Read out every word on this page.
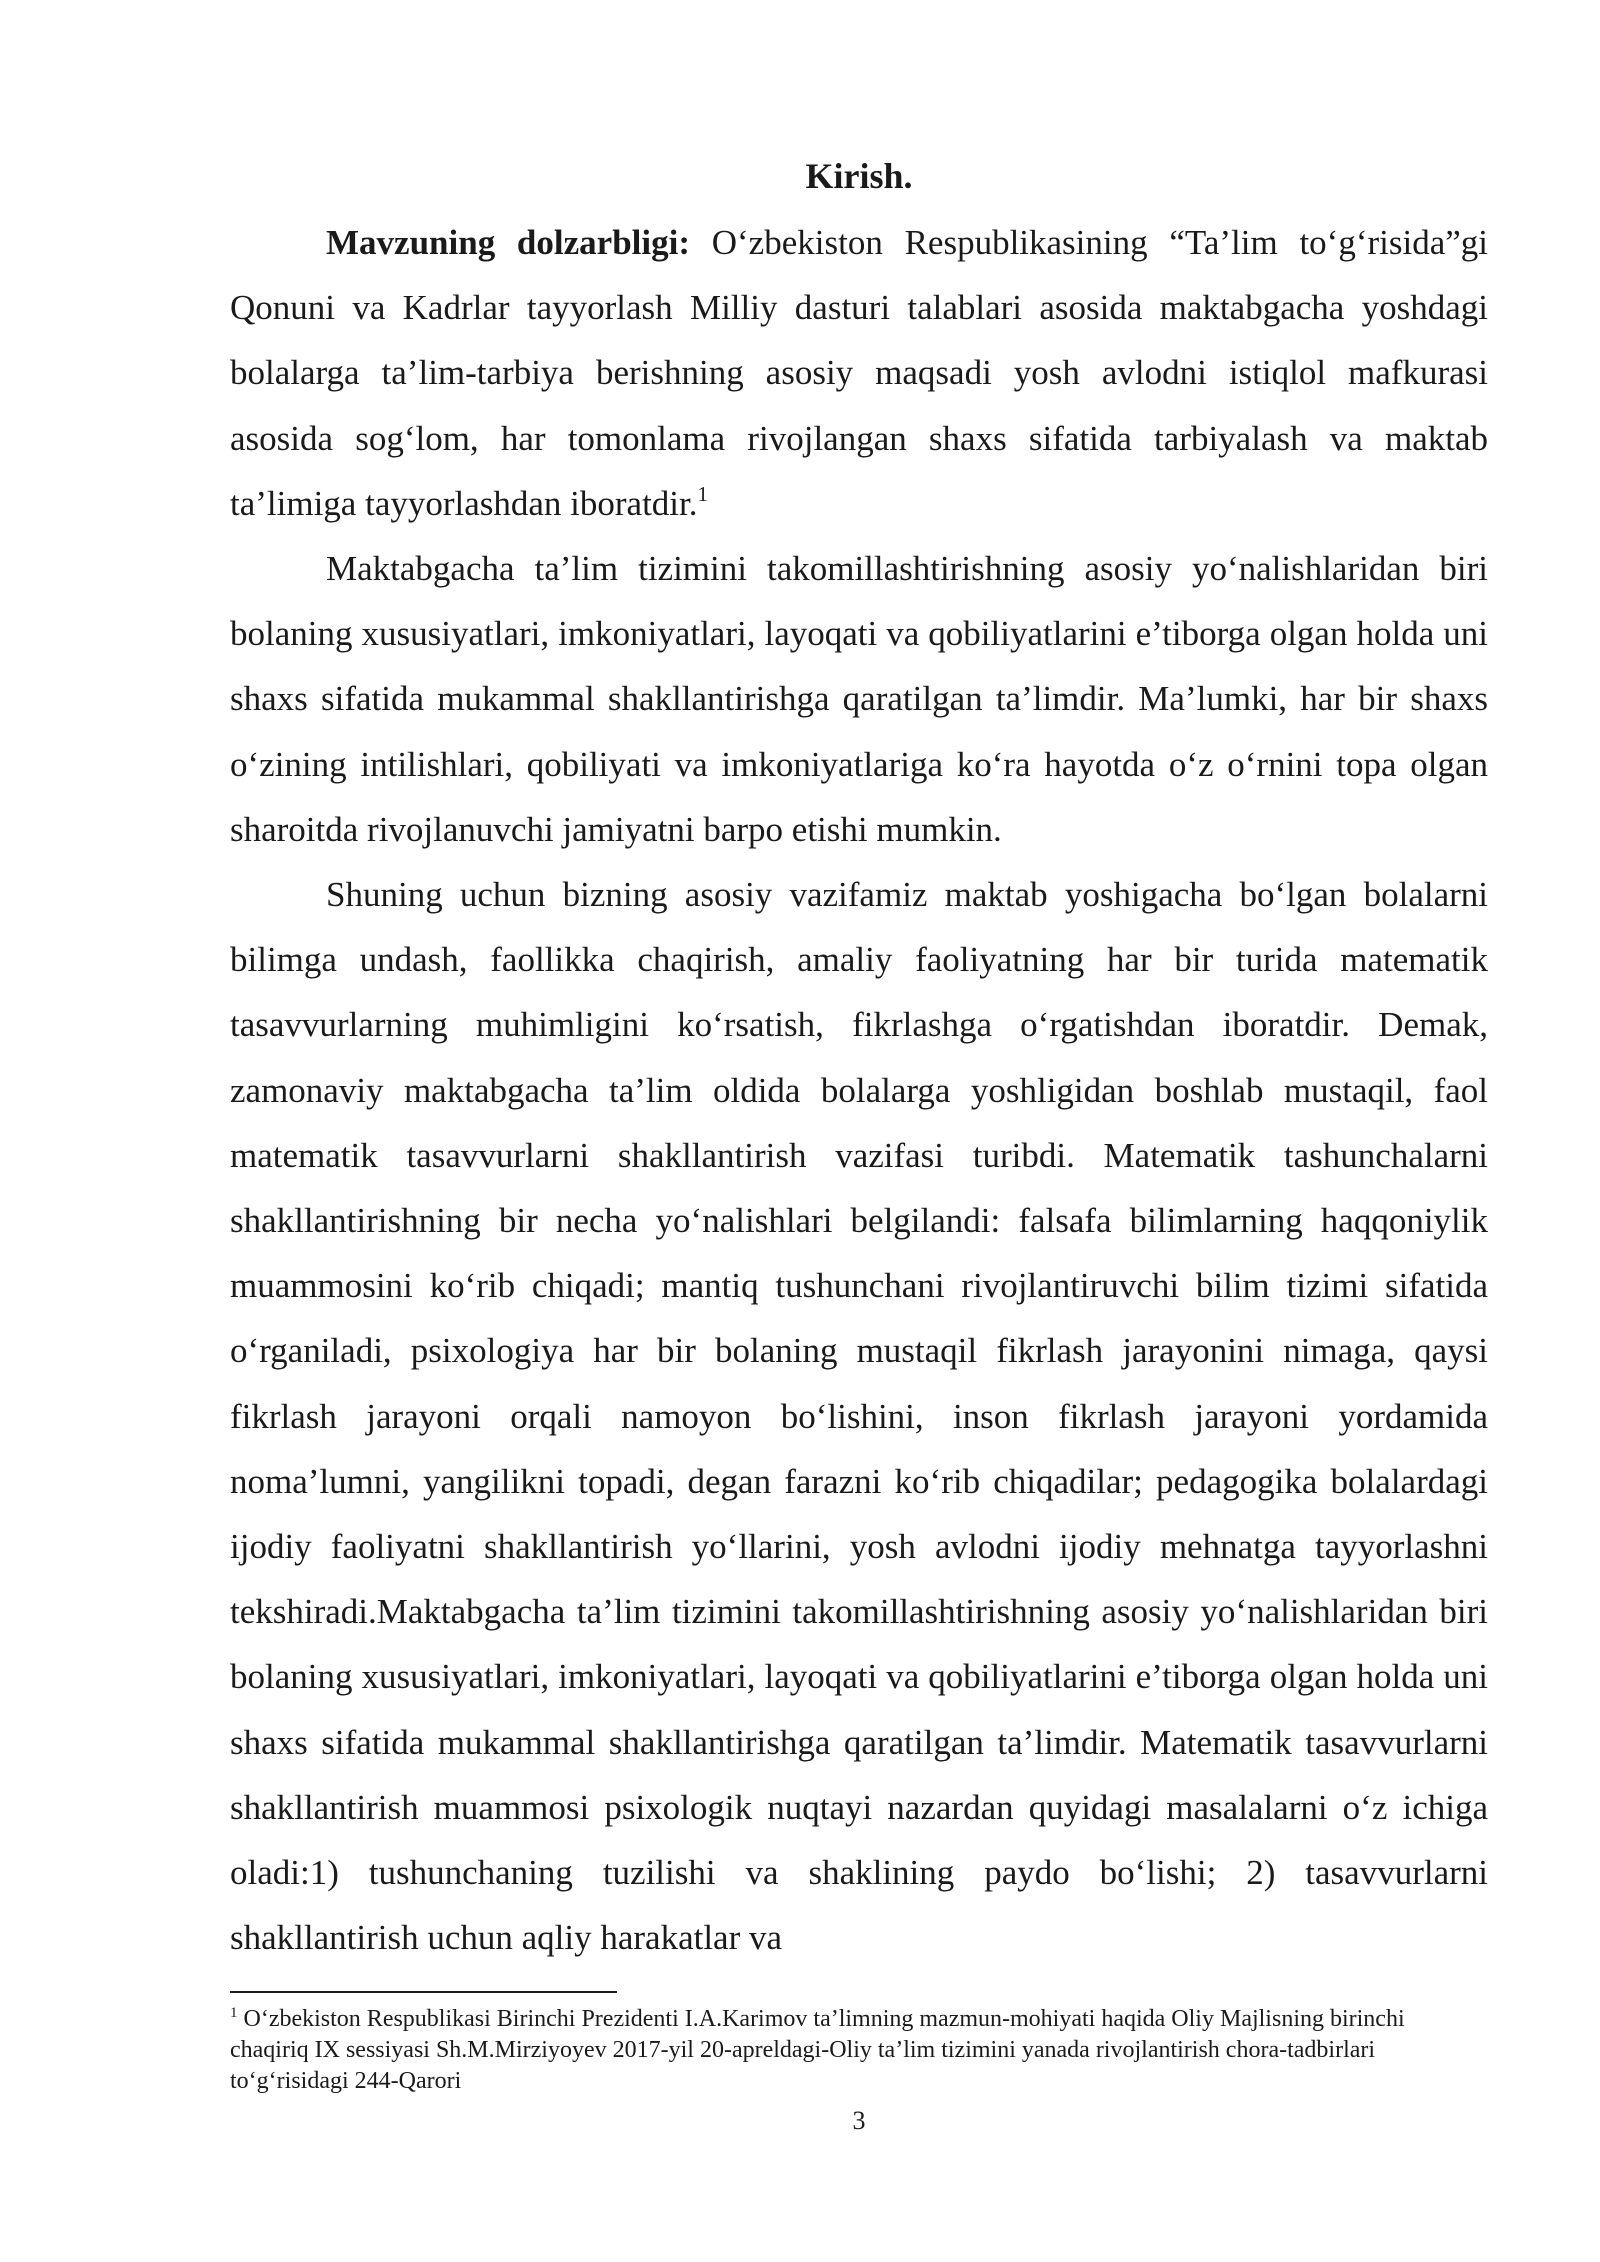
Kirish.

Mavzuning dolzarbligi: O‘zbekiston Respublikasining “Ta’lim to‘g‘risida”gi Qonuni va Kadrlar tayyorlash Milliy dasturi talablari asosida maktabgacha yoshdagi bolalarga ta’lim-tarbiya berishning asosiy maqsadi yosh avlodni istiqlol mafkurasi asosida sog‘lom, har tomonlama rivojlangan shaxs sifatida tarbiyalash va maktab ta’limiga tayyorlashdan iboratdir.$^1$

Maktabgacha ta’lim tizimini takomillashtirishning asosiy yo‘nalishlaridan biri bolaning xususiyatlari, imkoniyatlari, layoqati va qobiliyatlarini e’tiborga olgan holda uni shaxs sifatida mukammal shakllantirishga qaratilgan ta’limdir. Ma’lumki, har bir shaxs o‘zining intilishlari, qobiliyati va imkoniyatlariga ko‘ra hayotda o‘z o‘rnini topa olgan sharoitda rivojlanuvchi jamiyatni barpo etishi mumkin.

Shuning uchun bizning asosiy vazifamiz maktab yoshigacha bo‘lgan bolalarni bilimga undash, faollikka chaqirish, amaliy faoliyatning har bir turida matematik tasavvurlarning muhimligini ko‘rsatish, fikrlashga o‘rgatishdan iboratdir. Demak, zamonaviy maktabgacha ta’lim oldida bolalarga yoshligidan boshlab mustaqil, faol matematik tasavvurlarni shakllantirish vazifasi turibdi. Matematik tashunchalarni shakllantirishning bir necha yo‘nalishlari belgilandi: falsafa bilimlarning haqqoniylik muammosini ko‘rib chiqadi; mantiq tushunchani rivojlantiruvchi bilim tizimi sifatida o‘rganiladi, psixologiya har bir bolaning mustaqil fikrlash jarayonini nimaga, qaysi fikrlash jarayoni orqali namoyon bo‘lishini, inson fikrlash jarayoni yordamida noma’lumni, yangilikni topadi, degan farazni ko‘rib chiqadilar; pedagogika bolalardagi ijodiy faoliyatni shakllantirish yo‘llarini, yosh avlodni ijodiy mehnatga tayyorlashni tekshiradi.Maktabgacha ta’lim tizimini takomillashtirishning asosiy yo‘nalishlaridan biri bolaning xususiyatlari, imkoniyatlari, layoqati va qobiliyatlarini e’tiborga olgan holda uni shaxs sifatida mukammal shakllantirishga qaratilgan ta’limdir. Matematik tasavvurlarni shakllantirish muammosi psixologik nuqtayi nazardan quyidagi masalalarni o‘z ichiga oladi:1) tushunchaning tuzilishi va shaklining paydo bo‘lishi; 2) tasavvurlarni shakllantirish uchun aqliy harakatlar va

$^1$ O‘zbekiston Respublikasi Birinchi Prezidenti I.A.Karimov ta’limning mazmun-mohiyati haqida Oliy Majlisning birinchi chaqiriq IX sessiyasi Sh.M.Mirziyoyev 2017-yil 20-apreldagi-Oliy ta’lim tizimini yanada rivojlantirish chora-tadbirlari to‘g‘risidagi 244-Qarori

3
